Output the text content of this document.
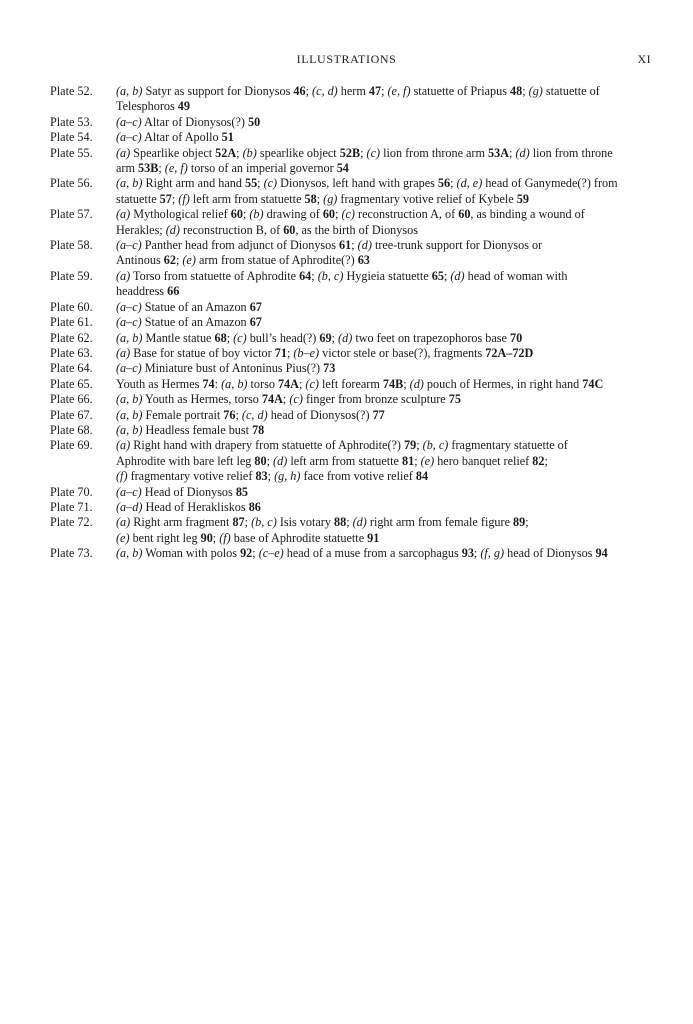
ILLUSTRATIONS	XI
Plate 52.	(a, b) Satyr as support for Dionysos 46; (c, d) herm 47; (e, f) statuette of Priapus 48; (g) statuette of
Telesphoros 49
Plate 53.	(a–c) Altar of Dionysos(?) 50
Plate 54.	(a–c) Altar of Apollo 51
Plate 55.	(a) Spearlike object 52A; (b) spearlike object 52B; (c) lion from throne arm 53A; (d) lion from throne
arm 53B; (e, f) torso of an imperial governor 54
Plate 56.	(a, b) Right arm and hand 55; (c) Dionysos, left hand with grapes 56; (d, e) head of Ganymede(?) from
statuette 57; (f) left arm from statuette 58; (g) fragmentary votive relief of Kybele 59
Plate 57.	(a) Mythological relief 60; (b) drawing of 60; (c) reconstruction A, of 60, as binding a wound of
Herakles; (d) reconstruction B, of 60, as the birth of Dionysos
Plate 58.	(a–c) Panther head from adjunct of Dionysos 61; (d) tree-trunk support for Dionysos or
Antinous 62; (e) arm from statue of Aphrodite(?) 63
Plate 59.	(a) Torso from statuette of Aphrodite 64; (b, c) Hygieia statuette 65; (d) head of woman with
headdress 66
Plate 60.	(a–c) Statue of an Amazon 67
Plate 61.	(a–c) Statue of an Amazon 67
Plate 62.	(a, b) Mantle statue 68; (c) bull’s head(?) 69; (d) two feet on trapezophoros base 70
Plate 63.	(a) Base for statue of boy victor 71; (b–e) victor stele or base(?), fragments 72A–72D
Plate 64.	(a–c) Miniature bust of Antoninus Pius(?) 73
Plate 65.	Youth as Hermes 74: (a, b) torso 74A; (c) left forearm 74B; (d) pouch of Hermes, in right hand 74C
Plate 66.	(a, b) Youth as Hermes, torso 74A; (c) finger from bronze sculpture 75
Plate 67.	(a, b) Female portrait 76; (c, d) head of Dionysos(?) 77
Plate 68.	(a, b) Headless female bust 78
Plate 69.	(a) Right hand with drapery from statuette of Aphrodite(?) 79; (b, c) fragmentary statuette of
Aphrodite with bare left leg 80; (d) left arm from statuette 81; (e) hero banquet relief 82;
(f) fragmentary votive relief 83; (g, h) face from votive relief 84
Plate 70.	(a–c) Head of Dionysos 85
Plate 71.	(a–d) Head of Herakliskos 86
Plate 72.	(a) Right arm fragment 87; (b, c) Isis votary 88; (d) right arm from female figure 89;
(e) bent right leg 90; (f) base of Aphrodite statuette 91
Plate 73.	(a, b) Woman with polos 92; (c–e) head of a muse from a sarcophagus 93; (f, g) head of Dionysos 94
